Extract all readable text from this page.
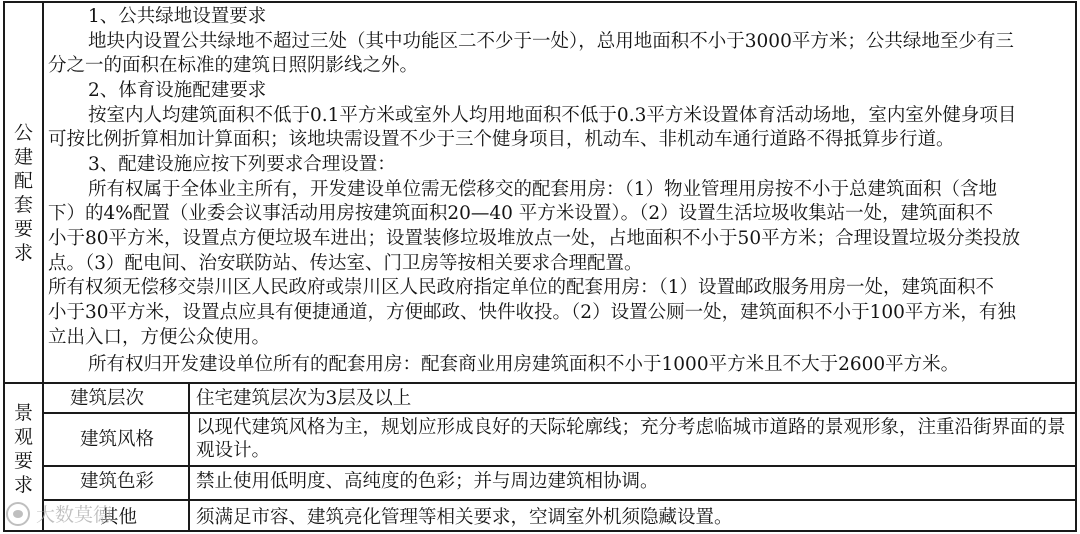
公
建
配
套
要
求
1、公共绿地设置要求
地块内设置公共绿地不超过三处（其中功能区二不少于一处），总用地面积不小于3000平方米；公共绿地至少有三
分之一的面积在标准的建筑日照阴影线之外。
2、体育设施配建要求
按室内人均建筑面积不低于0.1平方米或室外人均用地面积不低于0.3平方米设置体育活动场地，室内室外健身项目
可按比例折算相加计算面积；该地块需设置不少于三个健身项目，机动车、非机动车通行道路不得抵算步行道。
3、配建设施应按下列要求合理设置：
所有权属于全体业主所有，开发建设单位需无偿移交的配套用房：（1）物业管理用房按不小于总建筑面积（含地
下）的4%配置（业委会议事活动用房按建筑面积20—40 平方米设置）。（2）设置生活垃圾收集站一处，建筑面积不
小于80平方米，设置点方便垃圾车进出；设置装修垃圾堆放点一处，占地面积不小于50平方米；合理设置垃圾分类投放
点。（3）配电间、治安联防站、传达室、门卫房等按相关要求合理配置。
所有权须无偿移交崇川区人民政府或崇川区人民政府指定单位的配套用房：（1）设置邮政服务用房一处，建筑面积不
小于30平方米，设置点应具有便捷通道，方便邮政、快件收投。（2）设置公厕一处，建筑面积不小于100平方米，有独
立出入口，方便公众使用。
所有权归开发建设单位所有的配套用房：配套商业用房建筑面积不小于1000平方米且不大于2600平方米。
景
观
要
求
建筑层次	住宅建筑层次为3层及以上
建筑风格
以现代建筑风格为主，规划应形成良好的天际轮廓线；充分考虑临城市道路的景观形象，注重沿街界面的景观设计。
建筑色彩 禁止使用低明度、高纯度的色彩；并与周边建筑相协调。
其他	须满足市容、建筑亮化管理等相关要求，空调室外机须隐藏设置。
大数莫德
